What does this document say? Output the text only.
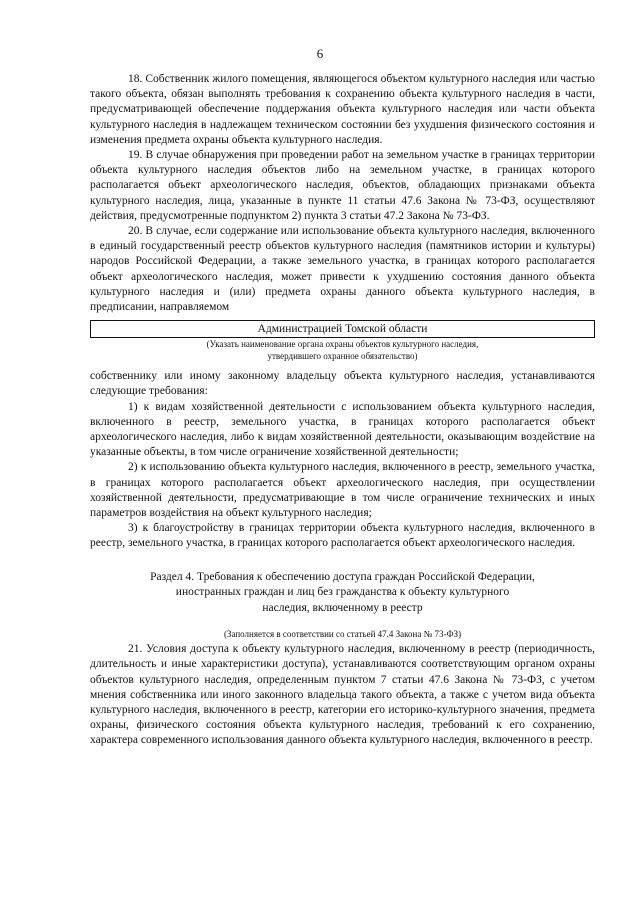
6

18. Собственник жилого помещения, являющегося объектом культурного наследия или частью такого объекта, обязан выполнять требования к сохранению объекта культурного наследия в части, предусматривающей обеспечение поддержания объекта культурного наследия или части объекта культурного наследия в надлежащем техническом состоянии без ухудшения физического состояния и изменения предмета охраны объекта культурного наследия.

19. В случае обнаружения при проведении работ на земельном участке в границах территории объекта культурного наследия объектов либо на земельном участке, в границах которого располагается объект археологического наследия, объектов, обладающих признаками объекта культурного наследия, лица, указанные в пункте 11 статьи 47.6 Закона № 73-ФЗ, осуществляют действия, предусмотренные подпунктом 2) пункта 3 статьи 47.2 Закона № 73-ФЗ.

20. В случае, если содержание или использование объекта культурного наследия, включенного в единый государственный реестр объектов культурного наследия (памятников истории и культуры) народов Российской Федерации, а также земельного участка, в границах которого располагается объект археологического наследия, может привести к ухудшению состояния данного объекта культурного наследия и (или) предмета охраны данного объекта культурного наследия, в предписании, направляемом

Администрацией Томской области
(Указать наименование органа охраны объектов культурного наследия,
утвердившего охранное обязательство)

собственнику или иному законному владельцу объекта культурного наследия, устанавливаются следующие требования:

1) к видам хозяйственной деятельности с использованием объекта культурного наследия, включенного в реестр, земельного участка, в границах которого располагается объект археологического наследия, либо к видам хозяйственной деятельности, оказывающим воздействие на указанные объекты, в том числе ограничение хозяйственной деятельности;

2) к использованию объекта культурного наследия, включенного в реестр, земельного участка, в границах которого располагается объект археологического наследия, при осуществлении хозяйственной деятельности, предусматривающие в том числе ограничение технических и иных параметров воздействия на объект культурного наследия;

3) к благоустройству в границах территории объекта культурного наследия, включенного в реестр, земельного участка, в границах которого располагается объект археологического наследия.

Раздел 4. Требования к обеспечению доступа граждан Российской Федерации,
иностранных граждан и лиц без гражданства к объекту культурного
наследия, включенному в реестр
(Заполняется в соответствии со статьей 47.4 Закона № 73-ФЗ)

21. Условия доступа к объекту культурного наследия, включенному в реестр (периодичность, длительность и иные характеристики доступа), устанавливаются соответствующим органом охраны объектов культурного наследия, определенным пунктом 7 статьи 47.6 Закона № 73-ФЗ, с учетом мнения собственника или иного законного владельца такого объекта, а также с учетом вида объекта культурного наследия, включенного в реестр, категории его историко-культурного значения, предмета охраны, физического состояния объекта культурного наследия, требований к его сохранению, характера современного использования данного объекта культурного наследия, включенного в реестр.
